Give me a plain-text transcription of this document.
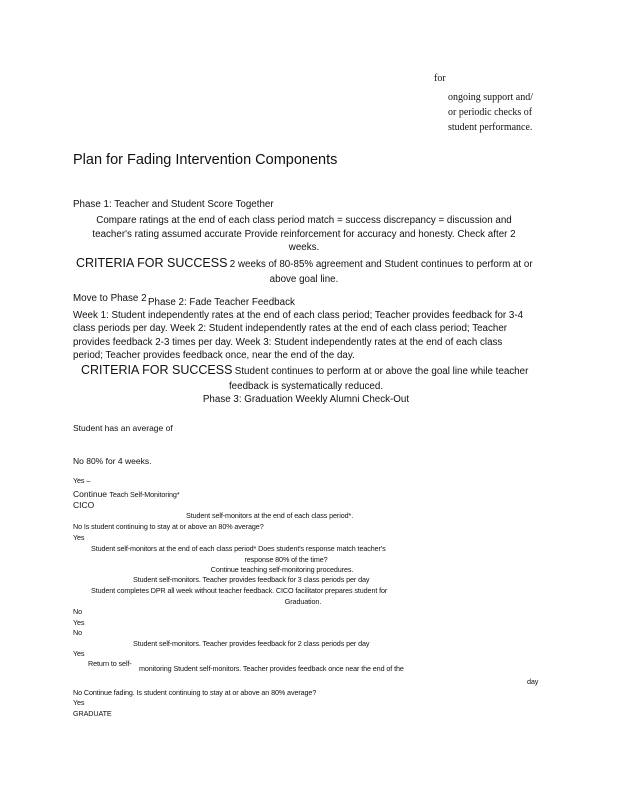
for
ongoing support and/
or periodic checks of
student performance.
Plan for Fading Intervention Components
Phase 1: Teacher and Student Score Together
Compare ratings at the end of each class period match = success discrepancy = discussion and
teacher's rating assumed accurate Provide reinforcement for accuracy and honesty. Check after 2
weeks.
CRITERIA FOR SUCCESS 2 weeks of 80-85% agreement and Student continues to perform at or
above goal line.
Move to Phase 2 Phase 2: Fade Teacher Feedback
Week 1: Student independently rates at the end of each class period; Teacher provides feedback for 3-4
class periods per day. Week 2: Student independently rates at the end of each class period; Teacher
provides feedback 2-3 times per day. Week 3: Student independently rates at the end of each class
period; Teacher provides feedback once, near the end of the day.
CRITERIA FOR SUCCESS Student continues to perform at or above the goal line while teacher
feedback is systematically reduced.
Phase 3: Graduation Weekly Alumni Check-Out
Student has an average of
No 80% for 4 weeks.
Yes –
Continue Teach Self-Monitoring*
CICO
Student self-monitors at the end of each class period*.
No Is student continuing to stay at or above an 80% average?
Yes
Student self-monitors at the end of each class period* Does student's response match teacher's
response 80% of the time?
Continue teaching self-monitoring procedures.
Student self-monitors. Teacher provides feedback for 3 class periods per day
Student completes DPR all week without teacher feedback. CICO facilitator prepares student for
Graduation.
No
Yes
No
Student self-monitors. Teacher provides feedback for 2 class periods per day
Yes
Return to self-
monitoring Student self-monitors. Teacher provides feedback once near the end of the
day
No Continue fading. Is student continuing to stay at or above an 80% average?
Yes
GRADUATE
